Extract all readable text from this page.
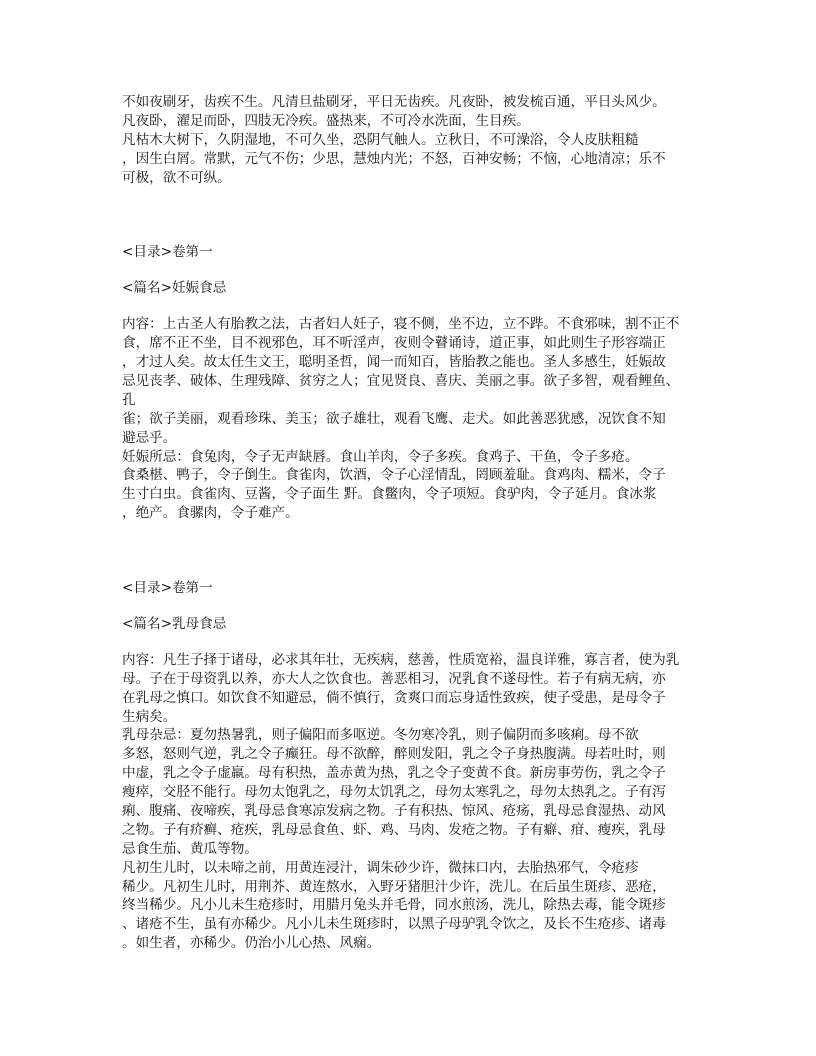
不如夜刷牙，齿疾不生。凡清旦盐刷牙，平日无齿疾。凡夜卧，被发梳百通，平日头风少。
凡夜卧，濯足而卧，四肢无冷疾。盛热来，不可冷水洗面，生目疾。
凡枯木大树下，久阴湿地，不可久坐，恐阴气触人。立秋日，不可澡浴，令人皮肤粗糙
，因生白屑。常默，元气不伤；少思，慧烛内光；不怒，百神安畅；不恼，心地清凉；乐不
可极，欲不可纵。
<目录>卷第一
<篇名>妊娠食忌
内容：上古圣人有胎教之法，古者妇人妊子，寝不侧，坐不边，立不跸。不食邪味，割不正不
食，席不正不坐，目不视邪色，耳不听淫声，夜则令瞽诵诗，道正事，如此则生子形容端正
，才过人矣。故太任生文王，聪明圣哲，闻一而知百，皆胎教之能也。圣人多感生，妊娠故
忌见丧孝、破体、生理残障、贫穷之人；宜见贤良、喜庆、美丽之事。欲子多智，观看鲤鱼、
孔
雀；欲子美丽，观看珍珠、美玉；欲子雄壮，观看飞鹰、走犬。如此善恶犹感，况饮食不知
避忌乎。
妊娠所忌：食兔肉，令子无声缺唇。食山羊肉，令子多疾。食鸡子、干鱼，令子多疮。
食桑椹、鸭子，令子倒生。食雀肉，饮酒，令子心淫情乱，罔顾羞耻。食鸡肉、糯米，令子
生寸白虫。食雀肉、豆酱，令子面生 䵟。食鳖肉，令子项短。食驴肉，令子延月。食冰浆
，绝产。食骡肉，令子难产。
<目录>卷第一
<篇名>乳母食忌
内容：凡生子择于诸母，必求其年壮，无疾病，慈善，性质宽裕，温良详雅，寡言者，使为乳
母。子在于母资乳以养，亦大人之饮食也。善恶相习，况乳食不遂母性。若子有病无病，亦
在乳母之慎口。如饮食不知避忌，倘不慎行，贪爽口而忘身适性致疾，使子受患，是母令子
生病矣。
乳母杂忌：夏勿热暑乳，则子偏阳而多呕逆。冬勿寒冷乳，则子偏阴而多咳痢。母不欲
多怒，怒则气逆，乳之令子癫狂。母不欲醉，醉则发阳，乳之令子身热腹满。母若吐时，则
中虚，乳之令子虚羸。母有积热，盖赤黄为热，乳之令子变黄不食。新房事劳伤，乳之令子
瘦瘁，交胫不能行。母勿太饱乳之，母勿太饥乳之，母勿太寒乳之，母勿太热乳之。子有泻
痢、腹痛、夜啼疾，乳母忌食寒凉发病之物。子有积热、惊风、疮疡，乳母忌食湿热、动风
之物。子有疥癣、疮疾，乳母忌食鱼、虾、鸡、马肉、发疮之物。子有癖、疳、瘦疾，乳母
忌食生茄、黄瓜等物。
凡初生儿时，以未啼之前，用黄连浸汁，调朱砂少许，微抹口内，去胎热邪气，令疮疹
稀少。凡初生儿时，用荆芥、黄连熬水，入野牙猪胆汁少许，洗儿。在后虽生斑疹、恶疮，
终当稀少。凡小儿未生疮疹时，用腊月兔头并毛骨，同水煎汤，洗儿，除热去毒，能令斑疹
、诸疮不生，虽有亦稀少。凡小儿未生斑疹时，以黑子母驴乳令饮之，及长不生疮疹、诸毒
。如生者，亦稀少。仍治小儿心热、风痫。
